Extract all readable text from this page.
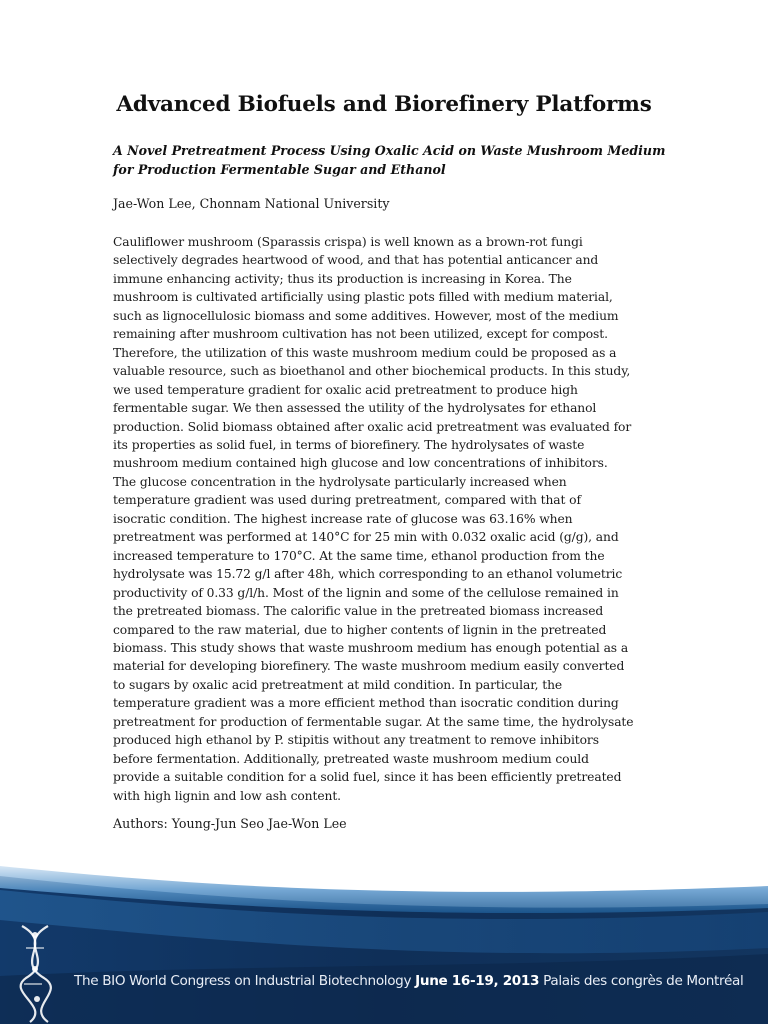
Advanced Biofuels and Biorefinery Platforms

A Novel Pretreatment Process Using Oxalic Acid on Waste Mushroom Medium
for Production Fermentable Sugar and Ethanol

Jae-Won Lee, Chonnam National University

Cauliflower mushroom (Sparassis crispa) is well known as a brown-rot fungi
selectively degrades heartwood of wood, and that has potential anticancer and
immune enhancing activity; thus its production is increasing in Korea. The
mushroom is cultivated artificially using plastic pots filled with medium material,
such as lignocellulosic biomass and some additives. However, most of the medium
remaining after mushroom cultivation has not been utilized, except for compost.
Therefore, the utilization of this waste mushroom medium could be proposed as a
valuable resource, such as bioethanol and other biochemical products. In this study,
we used temperature gradient for oxalic acid pretreatment to produce high
fermentable sugar. We then assessed the utility of the hydrolysates for ethanol
production. Solid biomass obtained after oxalic acid pretreatment was evaluated for
its properties as solid fuel, in terms of biorefinery. The hydrolysates of waste
mushroom medium contained high glucose and low concentrations of inhibitors.
The glucose concentration in the hydrolysate particularly increased when
temperature gradient was used during pretreatment, compared with that of
isocratic condition. The highest increase rate of glucose was 63.16% when
pretreatment was performed at 140°C for 25 min with 0.032 oxalic acid (g/g), and
increased temperature to 170°C. At the same time, ethanol production from the
hydrolysate was 15.72 g/l after 48h, which corresponding to an ethanol volumetric
productivity of 0.33 g/l/h. Most of the lignin and some of the cellulose remained in
the pretreated biomass. The calorific value in the pretreated biomass increased
compared to the raw material, due to higher contents of lignin in the pretreated
biomass. This study shows that waste mushroom medium has enough potential as a
material for developing biorefinery. The waste mushroom medium easily converted
to sugars by oxalic acid pretreatment at mild condition. In particular, the
temperature gradient was a more efficient method than isocratic condition during
pretreatment for production of fermentable sugar. At the same time, the hydrolysate
produced high ethanol by P. stipitis without any treatment to remove inhibitors
before fermentation. Additionally, pretreated waste mushroom medium could
provide a suitable condition for a solid fuel, since it has been efficiently pretreated
with high lignin and low ash content.

Authors: Young-Jun Seo Jae-Won Lee

The BIO World Congress on Industrial Biotechnology June 16-19, 2013 Palais des congrès de Montréal
